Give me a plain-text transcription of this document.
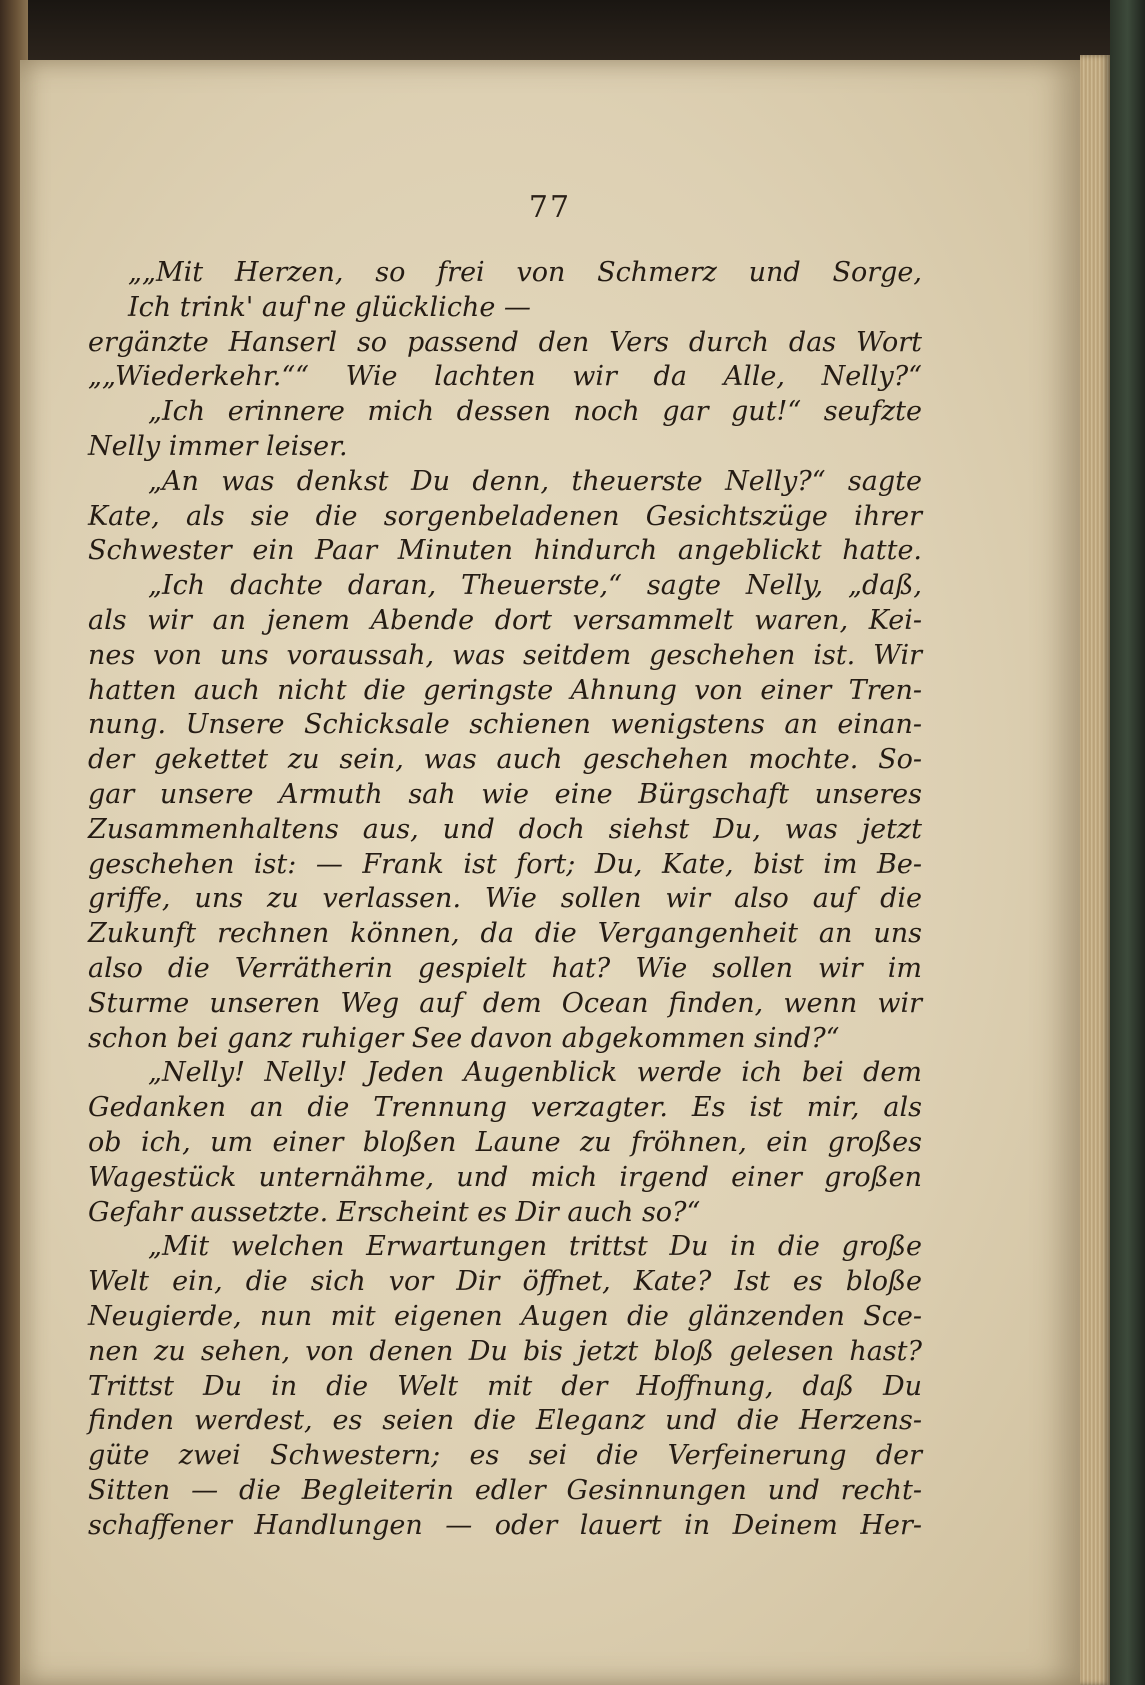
77
„„Mit Herzen, so frei von Schmerz und Sorge,
Ich trink' auf'ne glückliche —
ergänzte Hanserl so passend den Vers durch das Wort
„„Wiederkehr.““ Wie lachten wir da Alle, Nelly?“
„Ich erinnere mich dessen noch gar gut!“ seufzte
Nelly immer leiser.
„An was denkst Du denn, theuerste Nelly?“ sagte
Kate, als sie die sorgenbeladenen Gesichtszüge ihrer
Schwester ein Paar Minuten hindurch angeblickt hatte.
„Ich dachte daran, Theuerste,“ sagte Nelly, „daß,
als wir an jenem Abende dort versammelt waren, Kei-
nes von uns voraussah, was seitdem geschehen ist. Wir
hatten auch nicht die geringste Ahnung von einer Tren-
nung. Unsere Schicksale schienen wenigstens an einan-
der gekettet zu sein, was auch geschehen mochte. So-
gar unsere Armuth sah wie eine Bürgschaft unseres
Zusammenhaltens aus, und doch siehst Du, was jetzt
geschehen ist: — Frank ist fort; Du, Kate, bist im Be-
griffe, uns zu verlassen. Wie sollen wir also auf die
Zukunft rechnen können, da die Vergangenheit an uns
also die Verrätherin gespielt hat? Wie sollen wir im
Sturme unseren Weg auf dem Ocean finden, wenn wir
schon bei ganz ruhiger See davon abgekommen sind?“
„Nelly! Nelly! Jeden Augenblick werde ich bei dem
Gedanken an die Trennung verzagter. Es ist mir, als
ob ich, um einer bloßen Laune zu fröhnen, ein großes
Wagestück unternähme, und mich irgend einer großen
Gefahr aussetzte. Erscheint es Dir auch so?“
„Mit welchen Erwartungen trittst Du in die große
Welt ein, die sich vor Dir öffnet, Kate? Ist es bloße
Neugierde, nun mit eigenen Augen die glänzenden Sce-
nen zu sehen, von denen Du bis jetzt bloß gelesen hast?
Trittst Du in die Welt mit der Hoffnung, daß Du
finden werdest, es seien die Eleganz und die Herzens-
güte zwei Schwestern; es sei die Verfeinerung der
Sitten — die Begleiterin edler Gesinnungen und recht-
schaffener Handlungen — oder lauert in Deinem Her-
